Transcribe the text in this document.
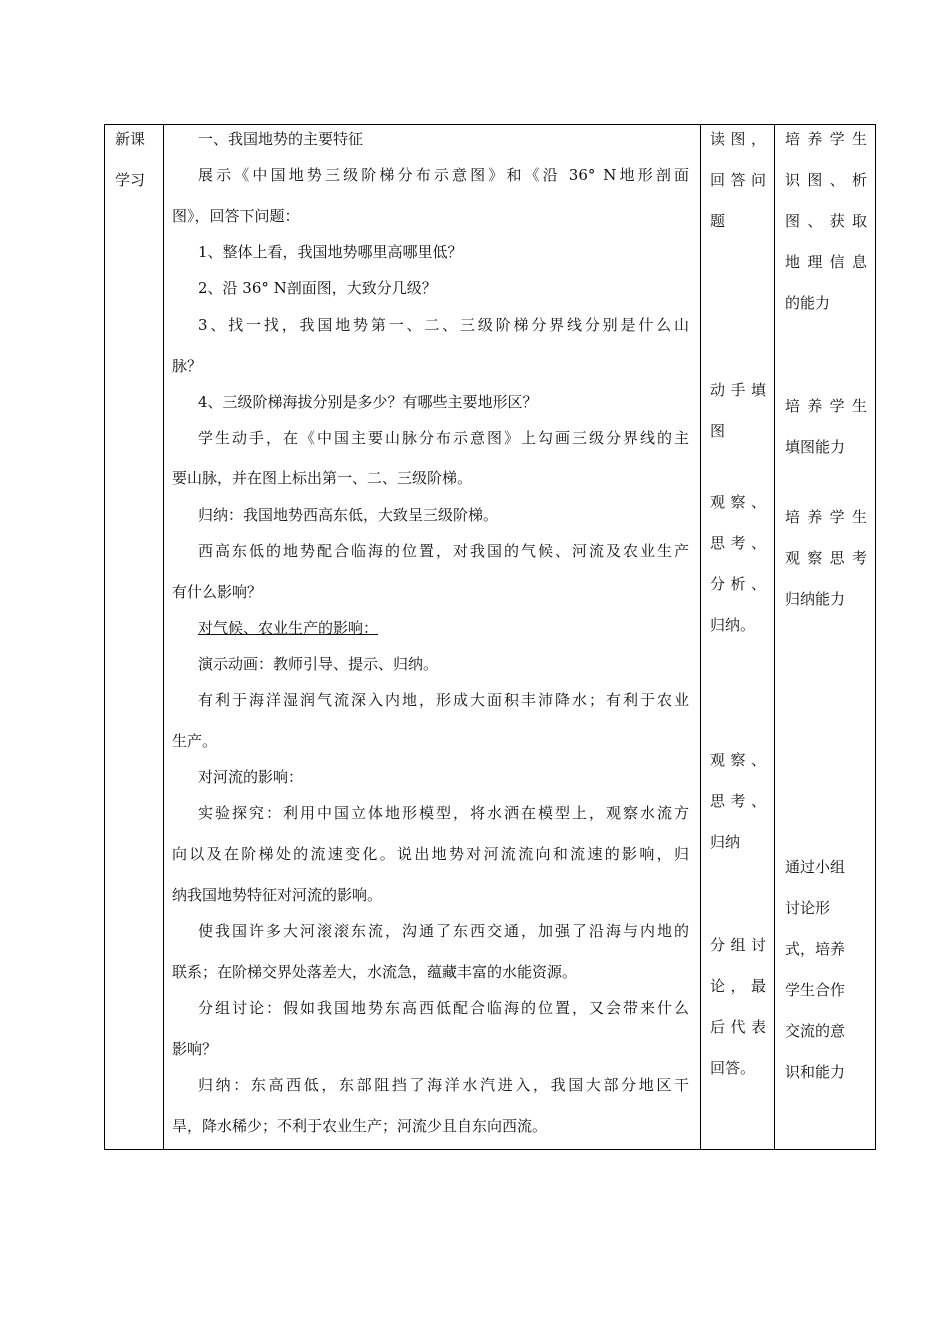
新课
学习
一、我国地势的主要特征
展示《中国地势三级阶梯分布示意图》和《沿 36° N地形剖面
图》，回答下问题：
1、整体上看，我国地势哪里高哪里低？
2、沿 36° N剖面图，大致分几级？
3、找一找，我国地势第一、二、三级阶梯分界线分别是什么山
脉？
4、三级阶梯海拔分别是多少？有哪些主要地形区？
学生动手，在《中国主要山脉分布示意图》上勾画三级分界线的主
要山脉，并在图上标出第一、二、三级阶梯。
归纳：我国地势西高东低，大致呈三级阶梯。
西高东低的地势配合临海的位置，对我国的气候、河流及农业生产
有什么影响？
对气候、农业生产的影响：
演示动画：教师引导、提示、归纳。
有利于海洋湿润气流深入内地，形成大面积丰沛降水；有利于农业
生产。
对河流的影响：
实验探究：利用中国立体地形模型，将水洒在模型上，观察水流方
向以及在阶梯处的流速变化。说出地势对河流流向和流速的影响，归
纳我国地势特征对河流的影响。
使我国许多大河滚滚东流，沟通了东西交通，加强了沿海与内地的
联系；在阶梯交界处落差大，水流急，蕴藏丰富的水能资源。
分组讨论：假如我国地势东高西低配合临海的位置，又会带来什么
影响？
归纳：东高西低，东部阻挡了海洋水汽进入，我国大部分地区干
旱，降水稀少；不利于农业生产；河流少且自东向西流。
读图，
回答问
题
动手填
图
观察、
思考、
分析、
归纳。
观察、
思考、
归纳
分组讨
论，最
后代表
回答。
培养学生
识图、析
图、获取
地理信息
的能力
培养学生
填图能力
培养学生
观察思考
归纳能力
通过小组
讨论形
式，培养
学生合作
交流的意
识和能力
